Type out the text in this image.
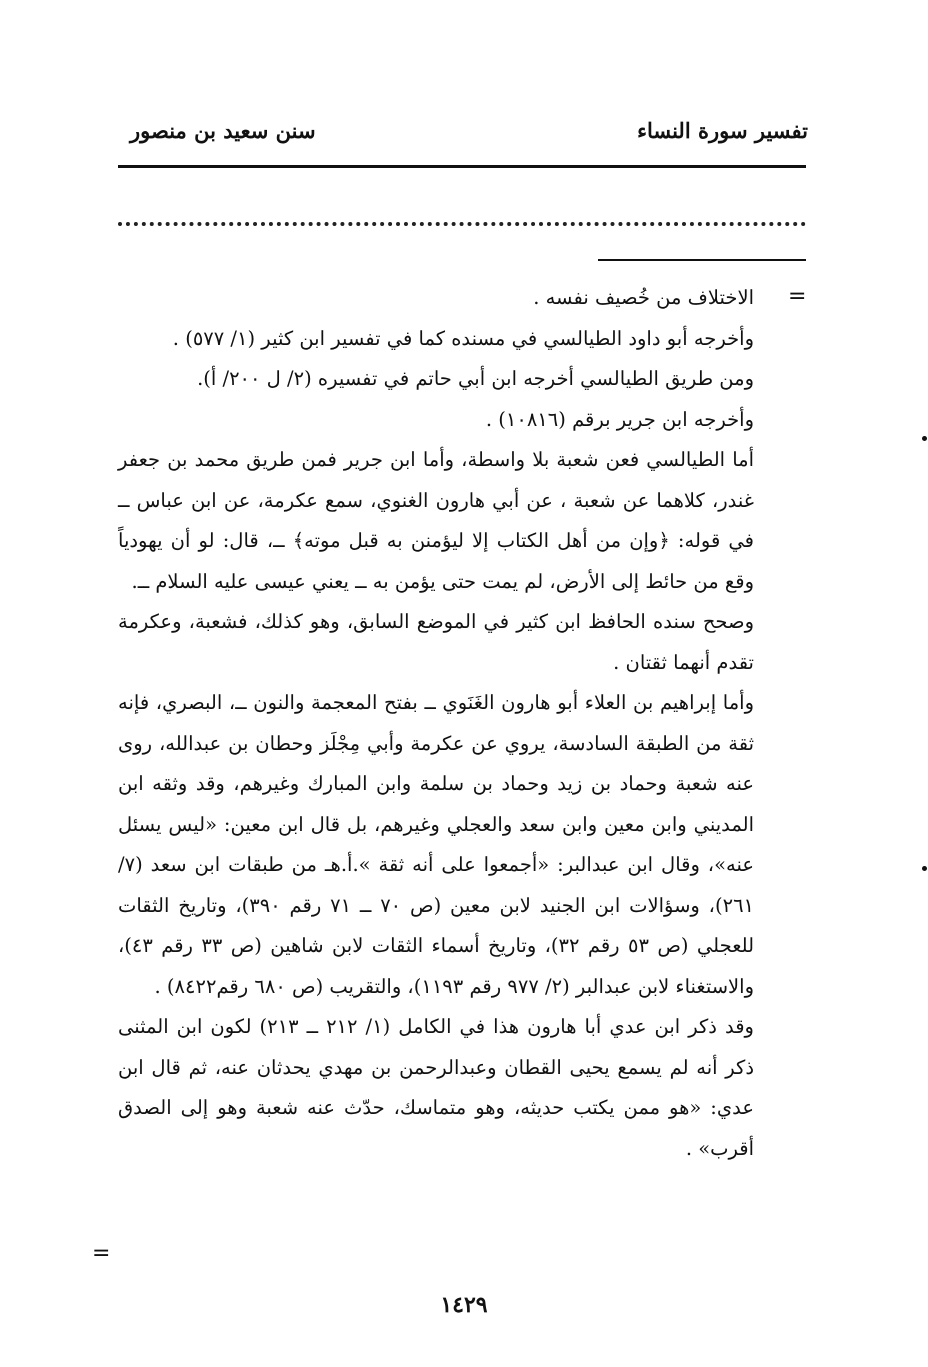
تفسير سورة النساء
سنن سعيد بن منصور
=

الاختلاف من خُصيف نفسه .

وأخرجه أبو داود الطيالسي في مسنده كما في تفسير ابن كثير (١/ ٥٧٧) .

ومن طريق الطيالسي أخرجه ابن أبي حاتم في تفسيره (٢/ ل ٢٠٠/ أ).

وأخرجه ابن جرير برقم (١٠٨١٦) .

أما الطيالسي فعن شعبة بلا واسطة، وأما ابن جرير فمن طريق محمد بن جعفر غندر، كلاهما عن شعبة ، عن أبي هارون الغنوي، سمع عكرمة، عن ابن عباس ــ في قوله: ﴿وإن من أهل الكتاب إلا ليؤمنن به قبل موته﴾ ــ، قال: لو أن يهودياً وقع من حائط إلى الأرض، لم يمت حتى يؤمن به ــ يعني عيسى عليه السلام ــ.

وصحح سنده الحافظ ابن كثير في الموضع السابق، وهو كذلك، فشعبة، وعكرمة تقدم أنهما ثقتان .

وأما إبراهيم بن العلاء أبو هارون الغَنَوي ــ بفتح المعجمة والنون ــ، البصري، فإنه ثقة من الطبقة السادسة، يروي عن عكرمة وأبي مِجْلَز وحطان بن عبدالله، روى عنه شعبة وحماد بن زيد وحماد بن سلمة وابن المبارك وغيرهم، وقد وثقه ابن المديني وابن معين وابن سعد والعجلي وغيرهم، بل قال ابن معين: «ليس يسئل عنه»، وقال ابن عبدالبر: «أجمعوا على أنه ثقة ».أ.هـ من طبقات ابن سعد (٧/ ٢٦١)، وسؤالات ابن الجنيد لابن معين (ص ٧٠ ــ ٧١ رقم ٣٩٠)، وتاريخ الثقات للعجلي (ص ٥٣ رقم ٣٢)، وتاريخ أسماء الثقات لابن شاهين (ص ٣٣ رقم ٤٣)، والاستغناء لابن عبدالبر (٢/ ٩٧٧ رقم ١١٩٣)، والتقريب (ص ٦٨٠ رقم٨٤٢٢) .

وقد ذكر ابن عدي أبا هارون هذا في الكامل (١/ ٢١٢ ــ ٢١٣) لكون ابن المثنى ذكر أنه لم يسمع يحيى القطان وعبدالرحمن بن مهدي يحدثان عنه، ثم قال ابن عدي: «هو ممن يكتب حديثه، وهو متماسك، حدّث عنه شعبة وهو إلى الصدق أقرب» .

=
١٤٢٩
